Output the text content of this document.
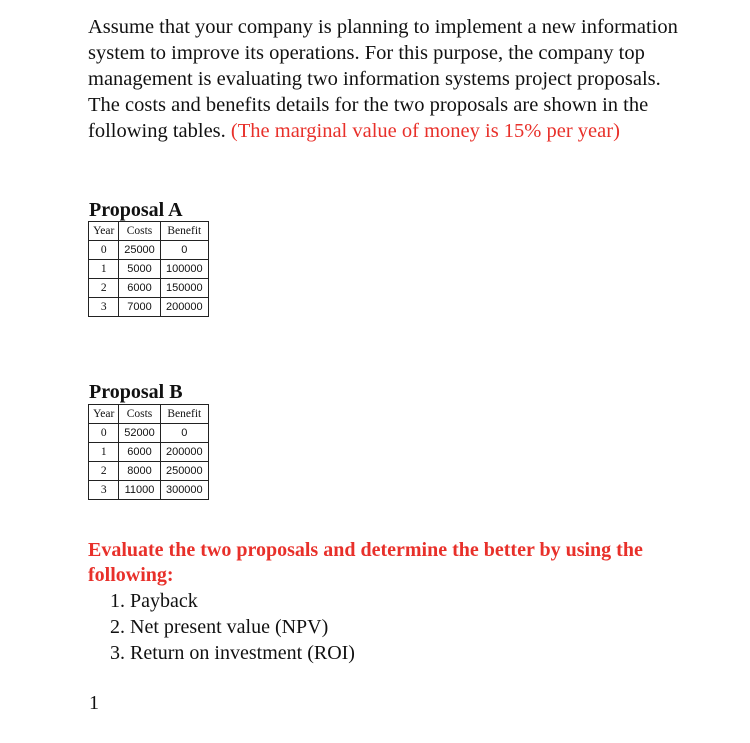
Assume that your company is planning to implement a new information system to improve its operations. For this purpose, the company top management is evaluating two information systems project proposals. The costs and benefits details for the two proposals are shown in the following tables. (The marginal value of money is 15% per year)

Proposal A
Year	Costs	Benefit
0	25000	0
1	5000	100000
2	6000	150000
3	7000	200000
Proposal B
Year	Costs	Benefit
0	52000	0
1	6000	200000
2	8000	250000
3	11000	300000

Evaluate the two proposals and determine the better by using the following:

1. Payback
2. Net present value (NPV)
3. Return on investment (ROI)
1
